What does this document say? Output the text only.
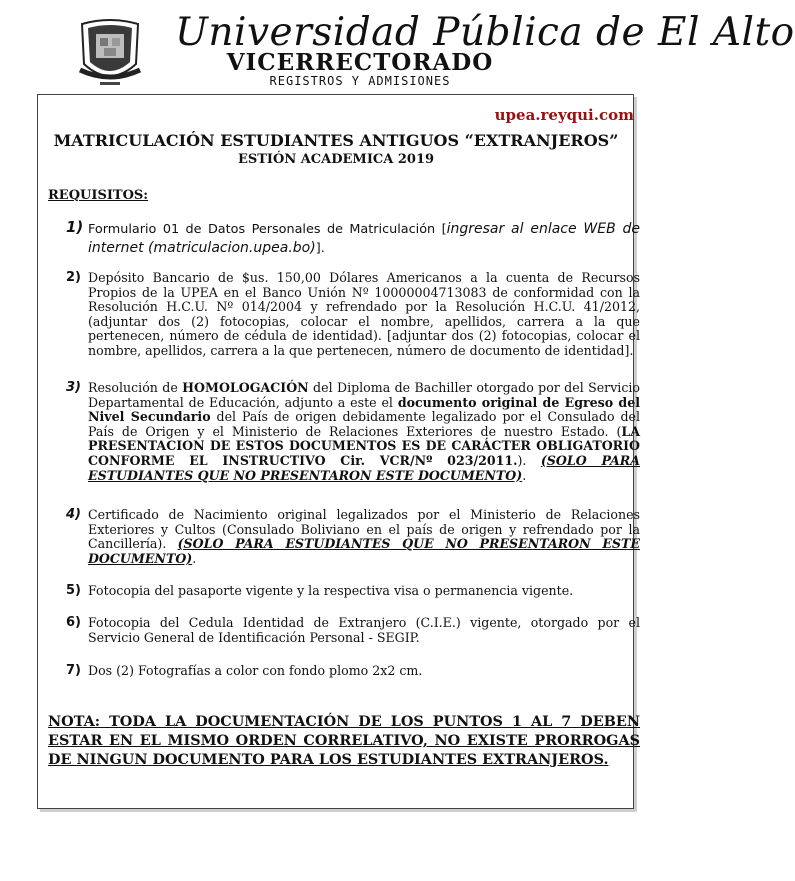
Universidad Pública de El Alto
VICERRECTORADO
REGISTROS Y ADMISIONES
upea.reyqui.com
MATRICULACIÓN ESTUDIANTES ANTIGUOS “EXTRANJEROS”
ESTIÓN ACADEMICA 2019
REQUISITOS:
1) Formulario 01 de Datos Personales de Matriculación [ingresar al enlace WEB de internet (matriculacion.upea.bo)].
2) Depósito Bancario de $us. 150,00 Dólares Americanos a la cuenta de Recursos Propios de la UPEA en el Banco Unión Nº 10000004713083 de conformidad con la Resolución H.C.U. Nº 014/2004 y refrendado por la Resolución H.C.U. 41/2012, (adjuntar dos (2) fotocopias, colocar el nombre, apellidos, carrera a la que pertenecen, número de cédula de identidad). [adjuntar dos (2) fotocopias, colocar el nombre, apellidos, carrera a la que pertenecen, número de documento de identidad].
3) Resolución de HOMOLOGACIÓN del Diploma de Bachiller otorgado por del Servicio Departamental de Educación, adjunto a este el documento original de Egreso del Nivel Secundario del País de origen debidamente legalizado por el Consulado del País de Origen y el Ministerio de Relaciones Exteriores de nuestro Estado. (LA PRESENTACION DE ESTOS DOCUMENTOS ES DE CARÁCTER OBLIGATORIO CONFORME EL INSTRUCTIVO Cir. VCR/Nº 023/2011.). (SOLO PARA ESTUDIANTES QUE NO PRESENTARON ESTE DOCUMENTO).
4) Certificado de Nacimiento original legalizados por el Ministerio de Relaciones Exteriores y Cultos (Consulado Boliviano en el país de origen y refrendado por la Cancillería). (SOLO PARA ESTUDIANTES QUE NO PRESENTARON ESTE DOCUMENTO).
5) Fotocopia del pasaporte vigente y la respectiva visa o permanencia vigente.
6) Fotocopia del Cedula Identidad de Extranjero (C.I.E.) vigente, otorgado por el Servicio General de Identificación Personal - SEGIP.
7) Dos (2) Fotografías a color con fondo plomo 2x2 cm.
NOTA: TODA LA DOCUMENTACIÓN DE LOS PUNTOS 1 AL 7 DEBEN ESTAR EN EL MISMO ORDEN CORRELATIVO, NO EXISTE PRORROGAS DE NINGUN DOCUMENTO PARA LOS ESTUDIANTES EXTRANJEROS.
